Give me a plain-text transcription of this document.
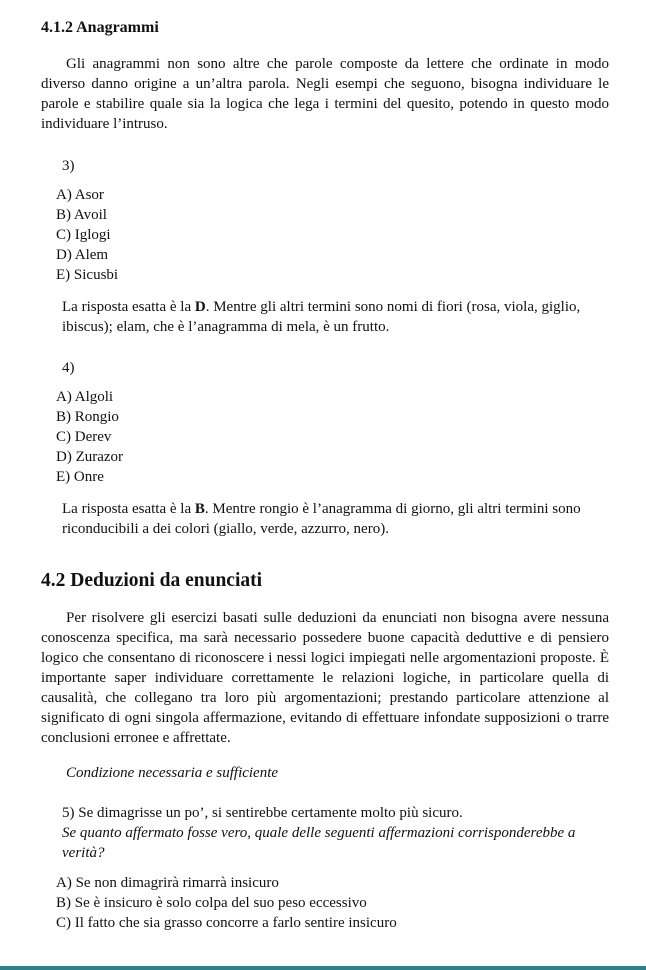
4.1.2 Anagrammi

Gli anagrammi non sono altre che parole composte da lettere che ordinate in modo diverso danno origine a un’altra parola. Negli esempi che seguono, bisogna individuare le parole e stabilire quale sia la logica che lega i termini del quesito, potendo in questo modo individuare l’intruso.

3)
A) Asor
B) Avoil
C) Iglogi
D) Alem
E) Sicusbi

La risposta esatta è la D. Mentre gli altri termini sono nomi di fiori (rosa, viola, giglio, ibiscus); elam, che è l’anagramma di mela, è un frutto.

4)
A) Algoli
B) Rongio
C) Derev
D) Zurazor
E) Onre

La risposta esatta è la B. Mentre rongio è l’anagramma di giorno, gli altri termini sono riconducibili a dei colori (giallo, verde, azzurro, nero).

4.2 Deduzioni da enunciati

Per risolvere gli esercizi basati sulle deduzioni da enunciati non bisogna avere nessuna conoscenza specifica, ma sarà necessario possedere buone capacità deduttive e di pensiero logico che consentano di riconoscere i nessi logici impiegati nelle argomentazioni proposte. È importante saper individuare correttamente le relazioni logiche, in particolare quella di causalità, che collegano tra loro più argomentazioni; prestando particolare attenzione al significato di ogni singola affermazione, evitando di effettuare infondate supposizioni o trarre conclusioni erronee e affrettate.

Condizione necessaria e sufficiente
5) Se dimagrisse un po’, si sentirebbe certamente molto più sicuro.

Se quanto affermato fosse vero, quale delle seguenti affermazioni corrisponderebbe a verità?

A) Se non dimagrirà rimarrà insicuro
B) Se è insicuro è solo colpa del suo peso eccessivo
C) Il fatto che sia grasso concorre a farlo sentire insicuro
